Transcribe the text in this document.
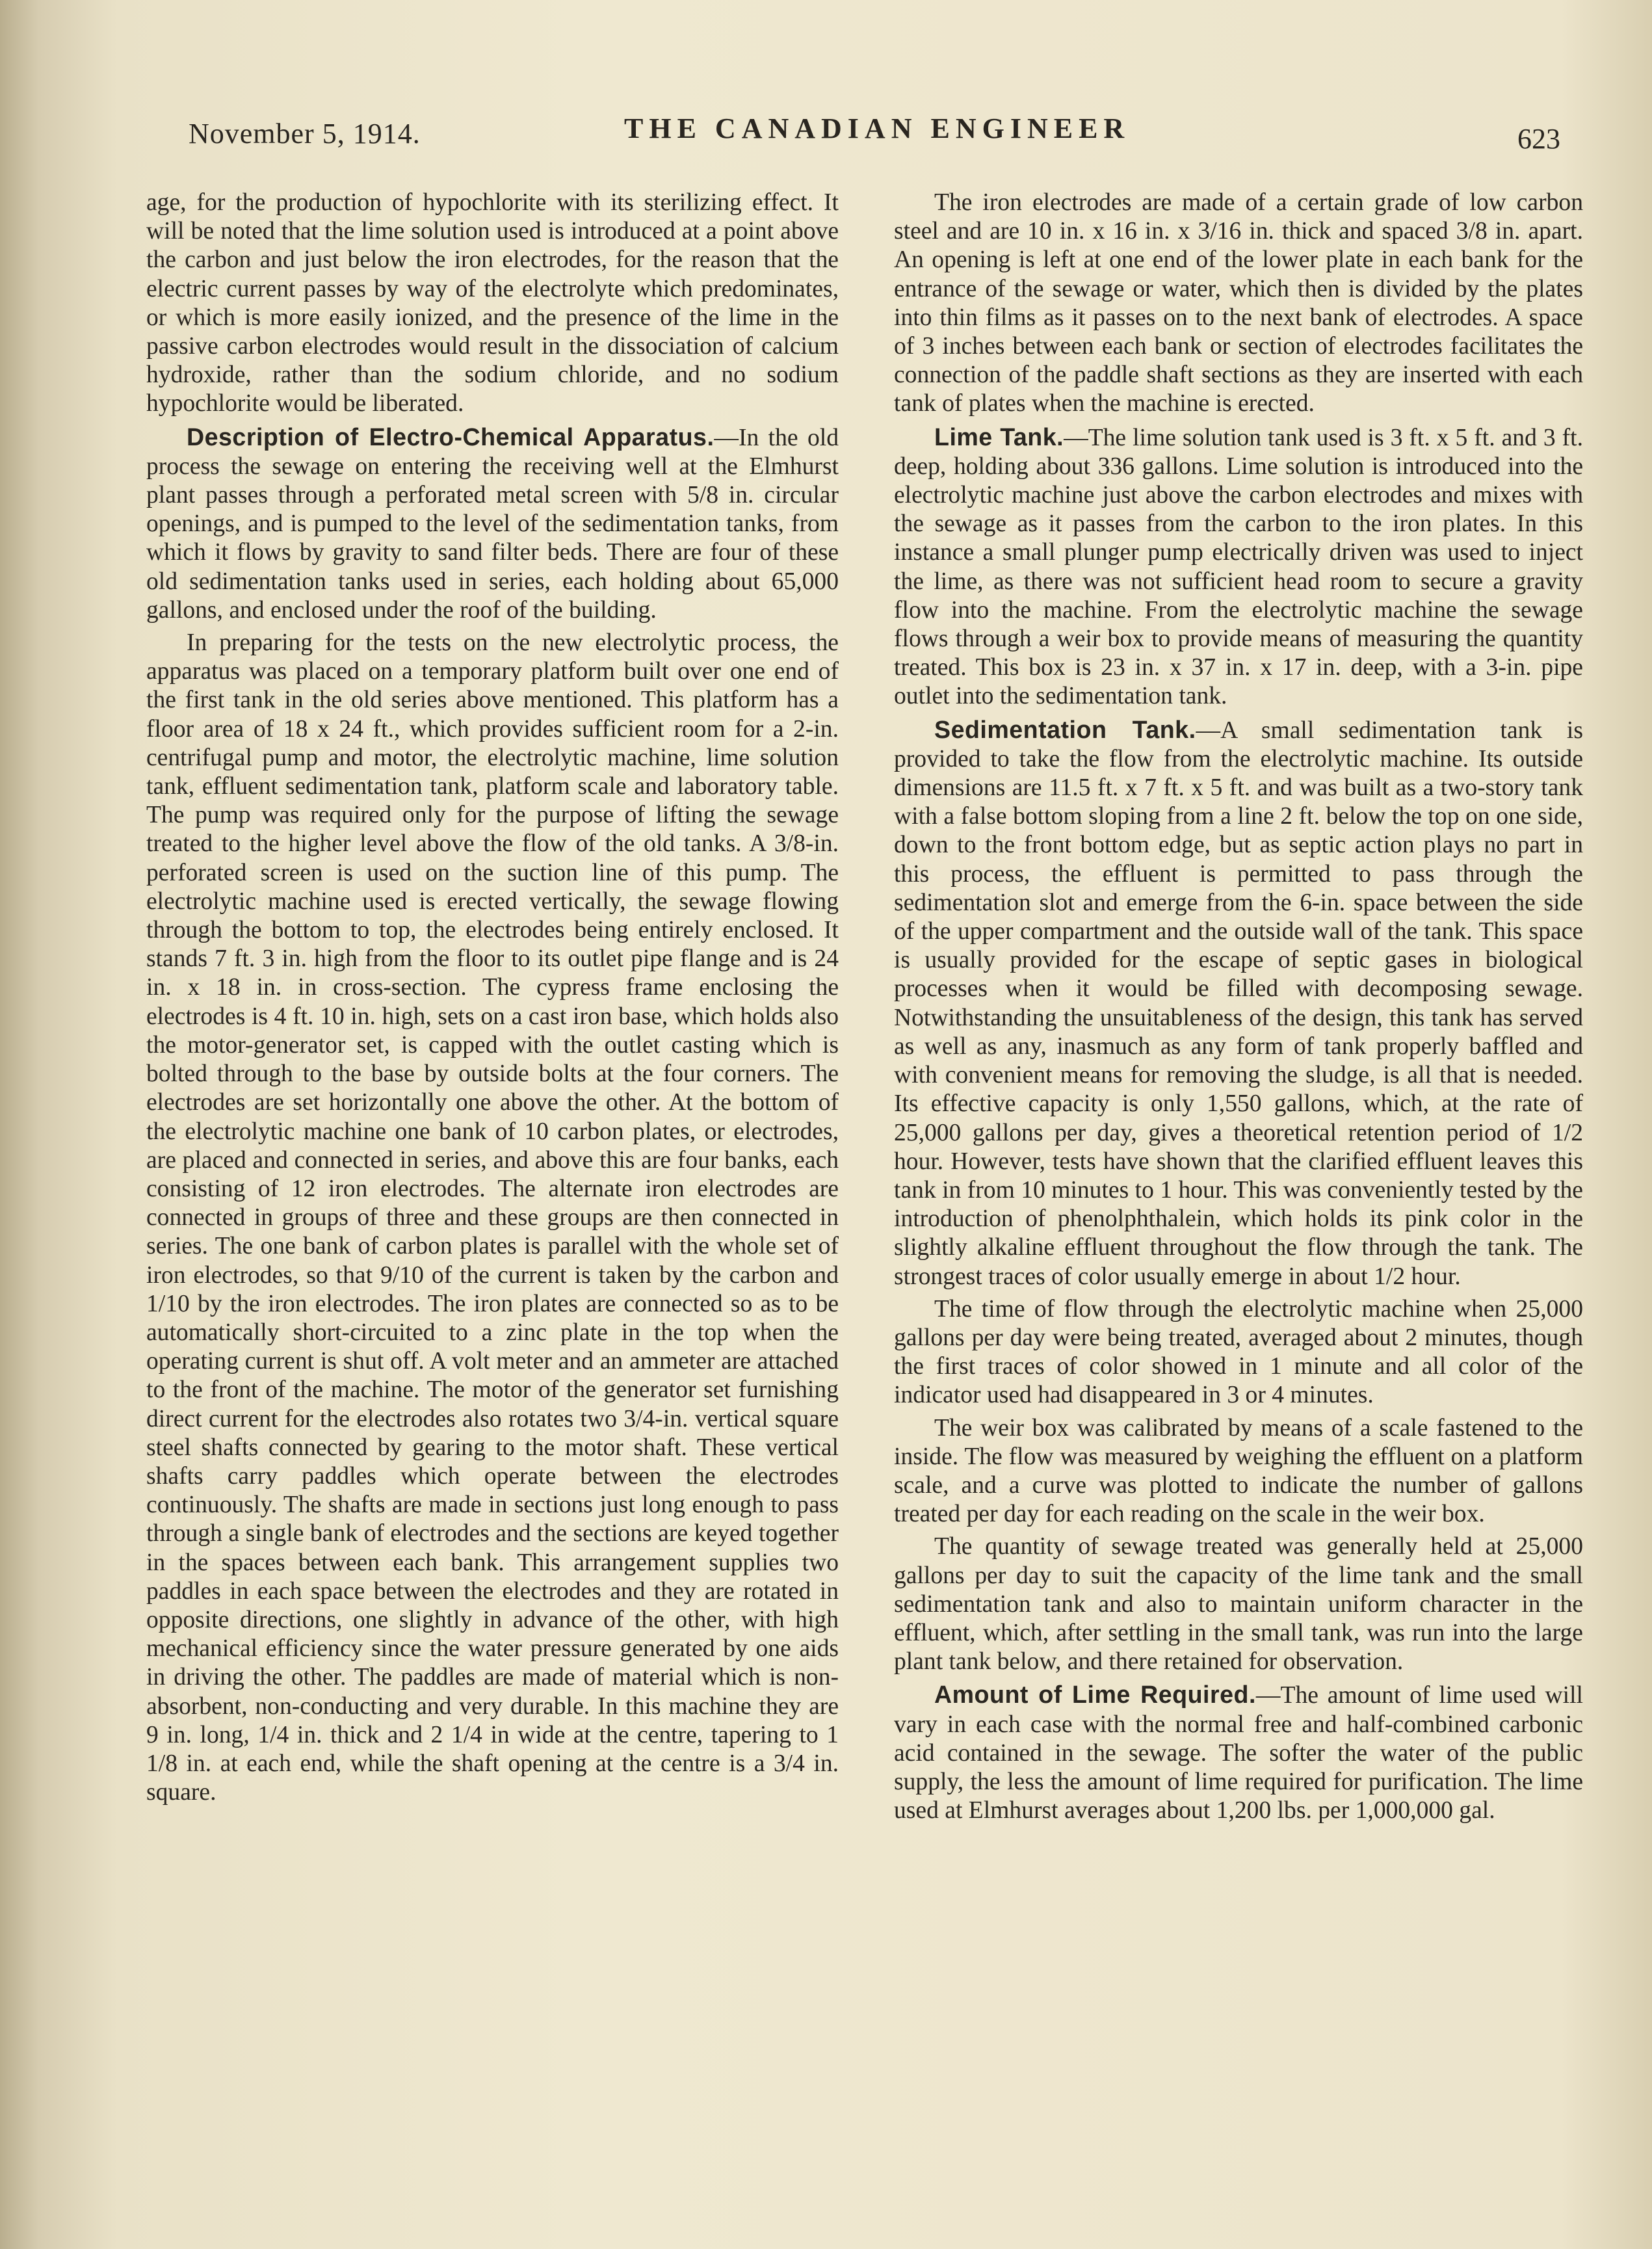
November 5, 1914.	THE CANADIAN ENGINEER	623

age, for the production of hypochlorite with its sterilizing effect. It will be noted that the lime solution used is introduced at a point above the carbon and just below the iron electrodes, for the reason that the electric current passes by way of the electrolyte which predominates, or which is more easily ionized, and the presence of the lime in the passive carbon electrodes would result in the dissociation of calcium hydroxide, rather than the sodium chloride, and no sodium hypochlorite would be liberated.

Description of Electro-Chemical Apparatus.—In the old process the sewage on entering the receiving well at the Elmhurst plant passes through a perforated metal screen with 5/8 in. circular openings, and is pumped to the level of the sedimentation tanks, from which it flows by gravity to sand filter beds. There are four of these old sedimentation tanks used in series, each holding about 65,000 gallons, and enclosed under the roof of the building.

In preparing for the tests on the new electrolytic process, the apparatus was placed on a temporary platform built over one end of the first tank in the old series above mentioned. This platform has a floor area of 18 x 24 ft., which provides sufficient room for a 2-in. centrifugal pump and motor, the electrolytic machine, lime solution tank, effluent sedimentation tank, platform scale and laboratory table. The pump was required only for the purpose of lifting the sewage treated to the higher level above the flow of the old tanks. A 3/8-in. perforated screen is used on the suction line of this pump. The electrolytic machine used is erected vertically, the sewage flowing through the bottom to top, the electrodes being entirely enclosed. It stands 7 ft. 3 in. high from the floor to its outlet pipe flange and is 24 in. x 18 in. in cross-section. The cypress frame enclosing the electrodes is 4 ft. 10 in. high, sets on a cast iron base, which holds also the motor-generator set, is capped with the outlet casting which is bolted through to the base by outside bolts at the four corners. The electrodes are set horizontally one above the other. At the bottom of the electrolytic machine one bank of 10 carbon plates, or electrodes, are placed and connected in series, and above this are four banks, each consisting of 12 iron electrodes. The alternate iron electrodes are connected in groups of three and these groups are then connected in series. The one bank of carbon plates is parallel with the whole set of iron electrodes, so that 9/10 of the current is taken by the carbon and 1/10 by the iron electrodes. The iron plates are connected so as to be automatically short-circuited to a zinc plate in the top when the operating current is shut off. A volt meter and an ammeter are attached to the front of the machine. The motor of the generator set furnishing direct current for the electrodes also rotates two 3/4-in. vertical square steel shafts connected by gearing to the motor shaft. These vertical shafts carry paddles which operate between the electrodes continuously. The shafts are made in sections just long enough to pass through a single bank of electrodes and the sections are keyed together in the spaces between each bank. This arrangement supplies two paddles in each space between the electrodes and they are rotated in opposite directions, one slightly in advance of the other, with high mechanical efficiency since the water pressure generated by one aids in driving the other. The paddles are made of material which is non-absorbent, non-conducting and very durable. In this machine they are 9 in. long, 1/4 in. thick and 2 1/4 in wide at the centre, tapering to 1 1/8 in. at each end, while the shaft opening at the centre is a 3/4 in. square.

The iron electrodes are made of a certain grade of low carbon steel and are 10 in. x 16 in. x 3/16 in. thick and spaced 3/8 in. apart. An opening is left at one end of the lower plate in each bank for the entrance of the sewage or water, which then is divided by the plates into thin films as it passes on to the next bank of electrodes. A space of 3 inches between each bank or section of electrodes facilitates the connection of the paddle shaft sections as they are inserted with each tank of plates when the machine is erected.

Lime Tank.—The lime solution tank used is 3 ft. x 5 ft. and 3 ft. deep, holding about 336 gallons. Lime solution is introduced into the electrolytic machine just above the carbon electrodes and mixes with the sewage as it passes from the carbon to the iron plates. In this instance a small plunger pump electrically driven was used to inject the lime, as there was not sufficient head room to secure a gravity flow into the machine. From the electrolytic machine the sewage flows through a weir box to provide means of measuring the quantity treated. This box is 23 in. x 37 in. x 17 in. deep, with a 3-in. pipe outlet into the sedimentation tank.

Sedimentation Tank.—A small sedimentation tank is provided to take the flow from the electrolytic machine. Its outside dimensions are 11.5 ft. x 7 ft. x 5 ft. and was built as a two-story tank with a false bottom sloping from a line 2 ft. below the top on one side, down to the front bottom edge, but as septic action plays no part in this process, the effluent is permitted to pass through the sedimentation slot and emerge from the 6-in. space between the side of the upper compartment and the outside wall of the tank. This space is usually provided for the escape of septic gases in biological processes when it would be filled with decomposing sewage. Notwithstanding the unsuitableness of the design, this tank has served as well as any, inasmuch as any form of tank properly baffled and with convenient means for removing the sludge, is all that is needed. Its effective capacity is only 1,550 gallons, which, at the rate of 25,000 gallons per day, gives a theoretical retention period of 1/2 hour. However, tests have shown that the clarified effluent leaves this tank in from 10 minutes to 1 hour. This was conveniently tested by the introduction of phenolphthalein, which holds its pink color in the slightly alkaline effluent throughout the flow through the tank. The strongest traces of color usually emerge in about 1/2 hour.

The time of flow through the electrolytic machine when 25,000 gallons per day were being treated, averaged about 2 minutes, though the first traces of color showed in 1 minute and all color of the indicator used had disappeared in 3 or 4 minutes.

The weir box was calibrated by means of a scale fastened to the inside. The flow was measured by weighing the effluent on a platform scale, and a curve was plotted to indicate the number of gallons treated per day for each reading on the scale in the weir box.

The quantity of sewage treated was generally held at 25,000 gallons per day to suit the capacity of the lime tank and the small sedimentation tank and also to maintain uniform character in the effluent, which, after settling in the small tank, was run into the large plant tank below, and there retained for observation.

Amount of Lime Required.—The amount of lime used will vary in each case with the normal free and half-combined carbonic acid contained in the sewage. The softer the water of the public supply, the less the amount of lime required for purification. The lime used at Elmhurst averages about 1,200 lbs. per 1,000,000 gal.
